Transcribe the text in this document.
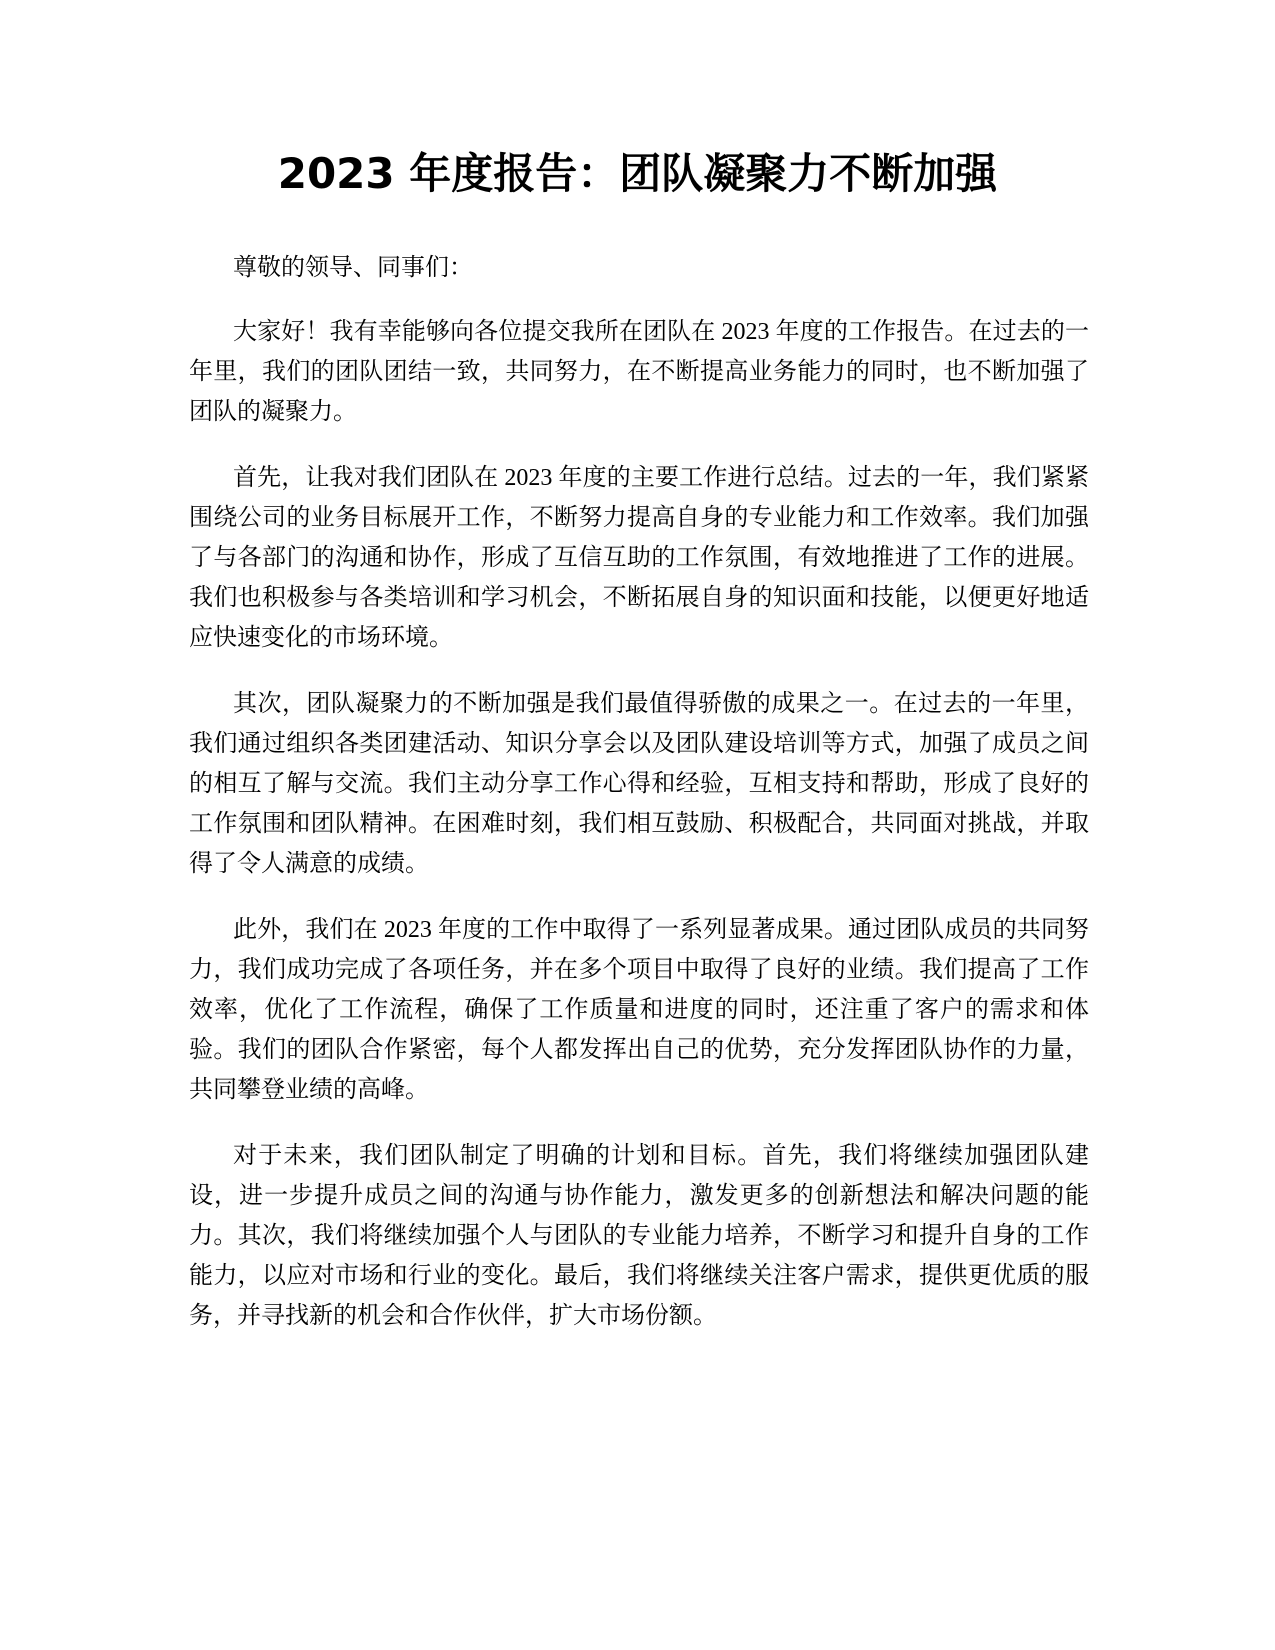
2023 年度报告：团队凝聚力不断加强

尊敬的领导、同事们：

大家好！我有幸能够向各位提交我所在团队在 2023 年度的工作报告。在过去的一年里，我们的团队团结一致，共同努力，在不断提高业务能力的同时，也不断加强了团队的凝聚力。

首先，让我对我们团队在 2023 年度的主要工作进行总结。过去的一年，我们紧紧围绕公司的业务目标展开工作，不断努力提高自身的专业能力和工作效率。我们加强了与各部门的沟通和协作，形成了互信互助的工作氛围，有效地推进了工作的进展。我们也积极参与各类培训和学习机会，不断拓展自身的知识面和技能，以便更好地适应快速变化的市场环境。

其次，团队凝聚力的不断加强是我们最值得骄傲的成果之一。在过去的一年里，我们通过组织各类团建活动、知识分享会以及团队建设培训等方式，加强了成员之间的相互了解与交流。我们主动分享工作心得和经验，互相支持和帮助，形成了良好的工作氛围和团队精神。在困难时刻，我们相互鼓励、积极配合，共同面对挑战，并取得了令人满意的成绩。

此外，我们在 2023 年度的工作中取得了一系列显著成果。通过团队成员的共同努力，我们成功完成了各项任务，并在多个项目中取得了良好的业绩。我们提高了工作效率，优化了工作流程，确保了工作质量和进度的同时，还注重了客户的需求和体验。我们的团队合作紧密，每个人都发挥出自己的优势，充分发挥团队协作的力量，共同攀登业绩的高峰。

对于未来，我们团队制定了明确的计划和目标。首先，我们将继续加强团队建设，进一步提升成员之间的沟通与协作能力，激发更多的创新想法和解决问题的能力。其次，我们将继续加强个人与团队的专业能力培养，不断学习和提升自身的工作能力，以应对市场和行业的变化。最后，我们将继续关注客户需求，提供更优质的服务，并寻找新的机会和合作伙伴，扩大市场份额。
